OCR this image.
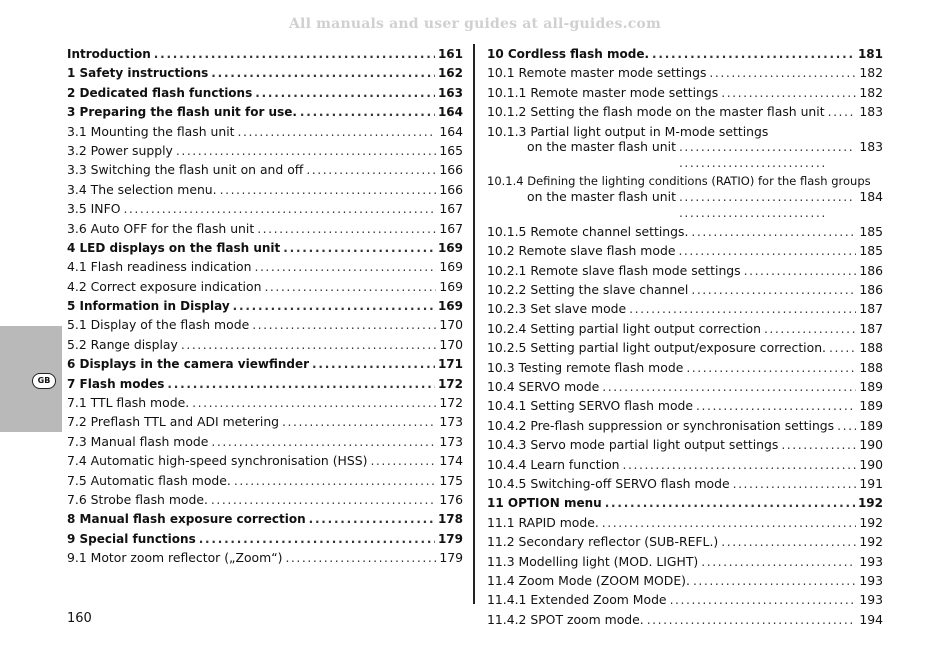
All manuals and user guides at all-guides.com
GB
Introduction . . .	161
1 Safety instructions . . .	162
2 Dedicated flash functions . . .	163
3 Preparing the flash unit for use. . . .	164
3.1 Mounting the flash unit . . .	164
3.2 Power supply . . .	165
3.3 Switching the flash unit on and off . . .	166
3.4 The selection menu. . . .	166
3.5 INFO . . .	167
3.6 Auto OFF for the flash unit . . .	167
4 LED displays on the flash unit . . .	169
4.1 Flash readiness indication . . .	169
4.2 Correct exposure indication . . .	169
5 Information in Display . . .	169
5.1 Display of the flash mode . . .	170
5.2 Range display . . .	170
6 Displays in the camera viewfinder . . .	171
7 Flash modes . . .	172
7.1 TTL flash mode. . . .	172
7.2 Preflash TTL and ADI metering . . .	173
7.3 Manual flash mode . . .	173
7.4 Automatic high-speed synchronisation (HSS) . . .	174
7.5 Automatic flash mode. . . .	175
7.6 Strobe flash mode. . . .	176
8 Manual flash exposure correction . . .	178
9 Special functions . . .	179
9.1 Motor zoom reflector („Zoom“) . . .	179
10 Cordless flash mode. . . .	181
10.1 Remote master mode settings . . .	182
10.1.1 Remote master mode settings . . .	182
10.1.2 Setting the flash mode on the master flash unit . . .	183
10.1.3 Partial light output in M-mode settings
on the master flash unit . . .	183
10.1.4 Defining the lighting conditions (RATIO) for the flash groups
on the master flash unit . . .	184
10.1.5 Remote channel settings. . . .	185
10.2 Remote slave flash mode . . .	185
10.2.1 Remote slave flash mode settings . . .	186
10.2.2 Setting the slave channel . . .	186
10.2.3 Set slave mode . . .	187
10.2.4 Setting partial light output correction . . .	187
10.2.5 Setting partial light output/exposure correction. . . .	188
10.3 Testing remote flash mode . . .	188
10.4 SERVO mode . . .	189
10.4.1 Setting SERVO flash mode . . .	189
10.4.2 Pre-flash suppression or synchronisation settings . . . 189
10.4.3 Servo mode partial light output settings . . .	190
10.4.4 Learn function . . .	190
10.4.5 Switching-off SERVO flash mode . . .	191
11 OPTION menu . . .	192
11.1 RAPID mode. . . .	192
11.2 Secondary reflector (SUB-REFL.) . . .	192
11.3 Modelling light (MOD. LIGHT) . . .	193
11.4 Zoom Mode (ZOOM MODE). . . .	193
11.4.1 Extended Zoom Mode . . .	193
11.4.2 SPOT zoom mode. . . .	194
160
